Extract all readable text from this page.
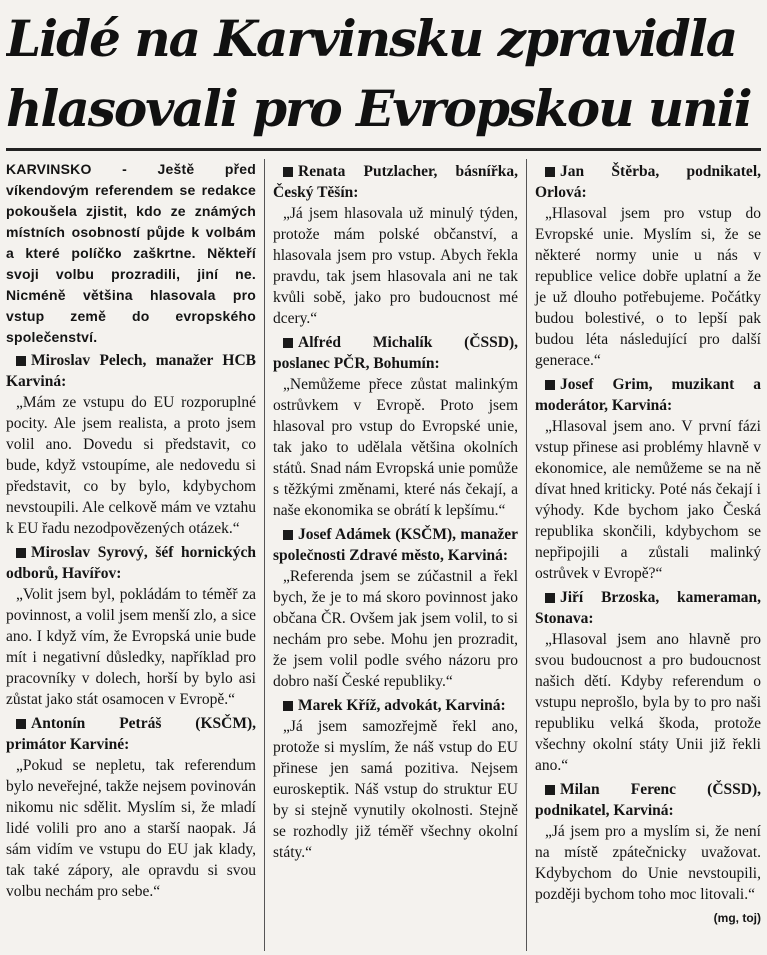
Lidé na Karvinsku zpravidla
hlasovali pro Evropskou unii

KARVINSKO - Ještě před víkendovým referendem se redakce pokoušela zjistit, kdo ze známých místních osobností půjde k volbám a které políčko zaškrtne. Někteří svoji volbu prozradili, jiní ne. Nicméně většina hlasovala pro vstup země do evropského společenství.

Miroslav Pelech, manažer HCB Karviná:

„Mám ze vstupu do EU rozporuplné pocity. Ale jsem realista, a proto jsem volil ano. Dovedu si představit, co bude, když vstoupíme, ale nedovedu si představit, co by bylo, kdybychom nevstoupili. Ale celkově mám ve vztahu k EU řadu nezodpovězených otázek.“

Miroslav Syrový, šéf hornických odborů, Havířov:

„Volit jsem byl, pokládám to téměř za povinnost, a volil jsem menší zlo, a sice ano. I když vím, že Evropská unie bude mít i negativní důsledky, například pro pracovníky v dolech, horší by bylo asi zůstat jako stát osamocen v Evropě.“

Antonín Petráš (KSČM), primátor Karviné:

„Pokud se nepletu, tak referendum bylo neveřejné, takže nejsem povinován nikomu nic sdělit. Myslím si, že mladí lidé volili pro ano a starší naopak. Já sám vidím ve vstupu do EU jak klady, tak také zápory, ale opravdu si svou volbu nechám pro sebe.“

Renata Putzlacher, básnířka, Český Těšín:

„Já jsem hlasovala už minulý týden, protože mám polské občanství, a hlasovala jsem pro vstup. Abych řekla pravdu, tak jsem hlasovala ani ne tak kvůli sobě, jako pro budoucnost mé dcery.“

Alfréd Michalík (ČSSD), poslanec PČR, Bohumín:

„Nemůžeme přece zůstat malinkým ostrůvkem v Evropě. Proto jsem hlasoval pro vstup do Evropské unie, tak jako to udělala většina okolních států. Snad nám Evropská unie pomůže s těžkými změnami, které nás čekají, a naše ekonomika se obrátí k lepšímu.“

Josef Adámek (KSČM), manažer společnosti Zdravé město, Karviná:

„Referenda jsem se zúčastnil a řekl bych, že je to má skoro povinnost jako občana ČR. Ovšem jak jsem volil, to si nechám pro sebe. Mohu jen prozradit, že jsem volil podle svého názoru pro dobro naší České republiky.“

Marek Kříž, advokát, Karviná:

„Já jsem samozřejmě řekl ano, protože si myslím, že náš vstup do EU přinese jen samá pozitiva. Nejsem euroskeptik. Náš vstup do struktur EU by si stejně vynutily okolnosti. Stejně se rozhodly již téměř všechny okolní státy.“

Jan Štěrba, podnikatel, Orlová:

„Hlasoval jsem pro vstup do Evropské unie. Myslím si, že se některé normy unie u nás v republice velice dobře uplatní a že je už dlouho potřebujeme. Počátky budou bolestivé, o to lepší pak budou léta následující pro další generace.“

Josef Grim, muzikant a moderátor, Karviná:

„Hlasoval jsem ano. V první fázi vstup přinese asi problémy hlavně v ekonomice, ale nemůžeme se na ně dívat hned kriticky. Poté nás čekají i výhody. Kde bychom jako Česká republika skončili, kdybychom se nepřipojili a zůstali malinký ostrůvek v Evropě?“

Jiří Brzoska, kameraman, Stonava:

„Hlasoval jsem ano hlavně pro svou budoucnost a pro budoucnost našich dětí. Kdyby referendum o vstupu neprošlo, byla by to pro naši republiku velká škoda, protože všechny okolní státy Unii již řekli ano.“

Milan Ferenc (ČSSD), podnikatel, Karviná:

„Já jsem pro a myslím si, že není na místě zpátečnicky uvažovat. Kdybychom do Unie nevstoupili, později bychom toho moc litovali.“

(mg, toj)
